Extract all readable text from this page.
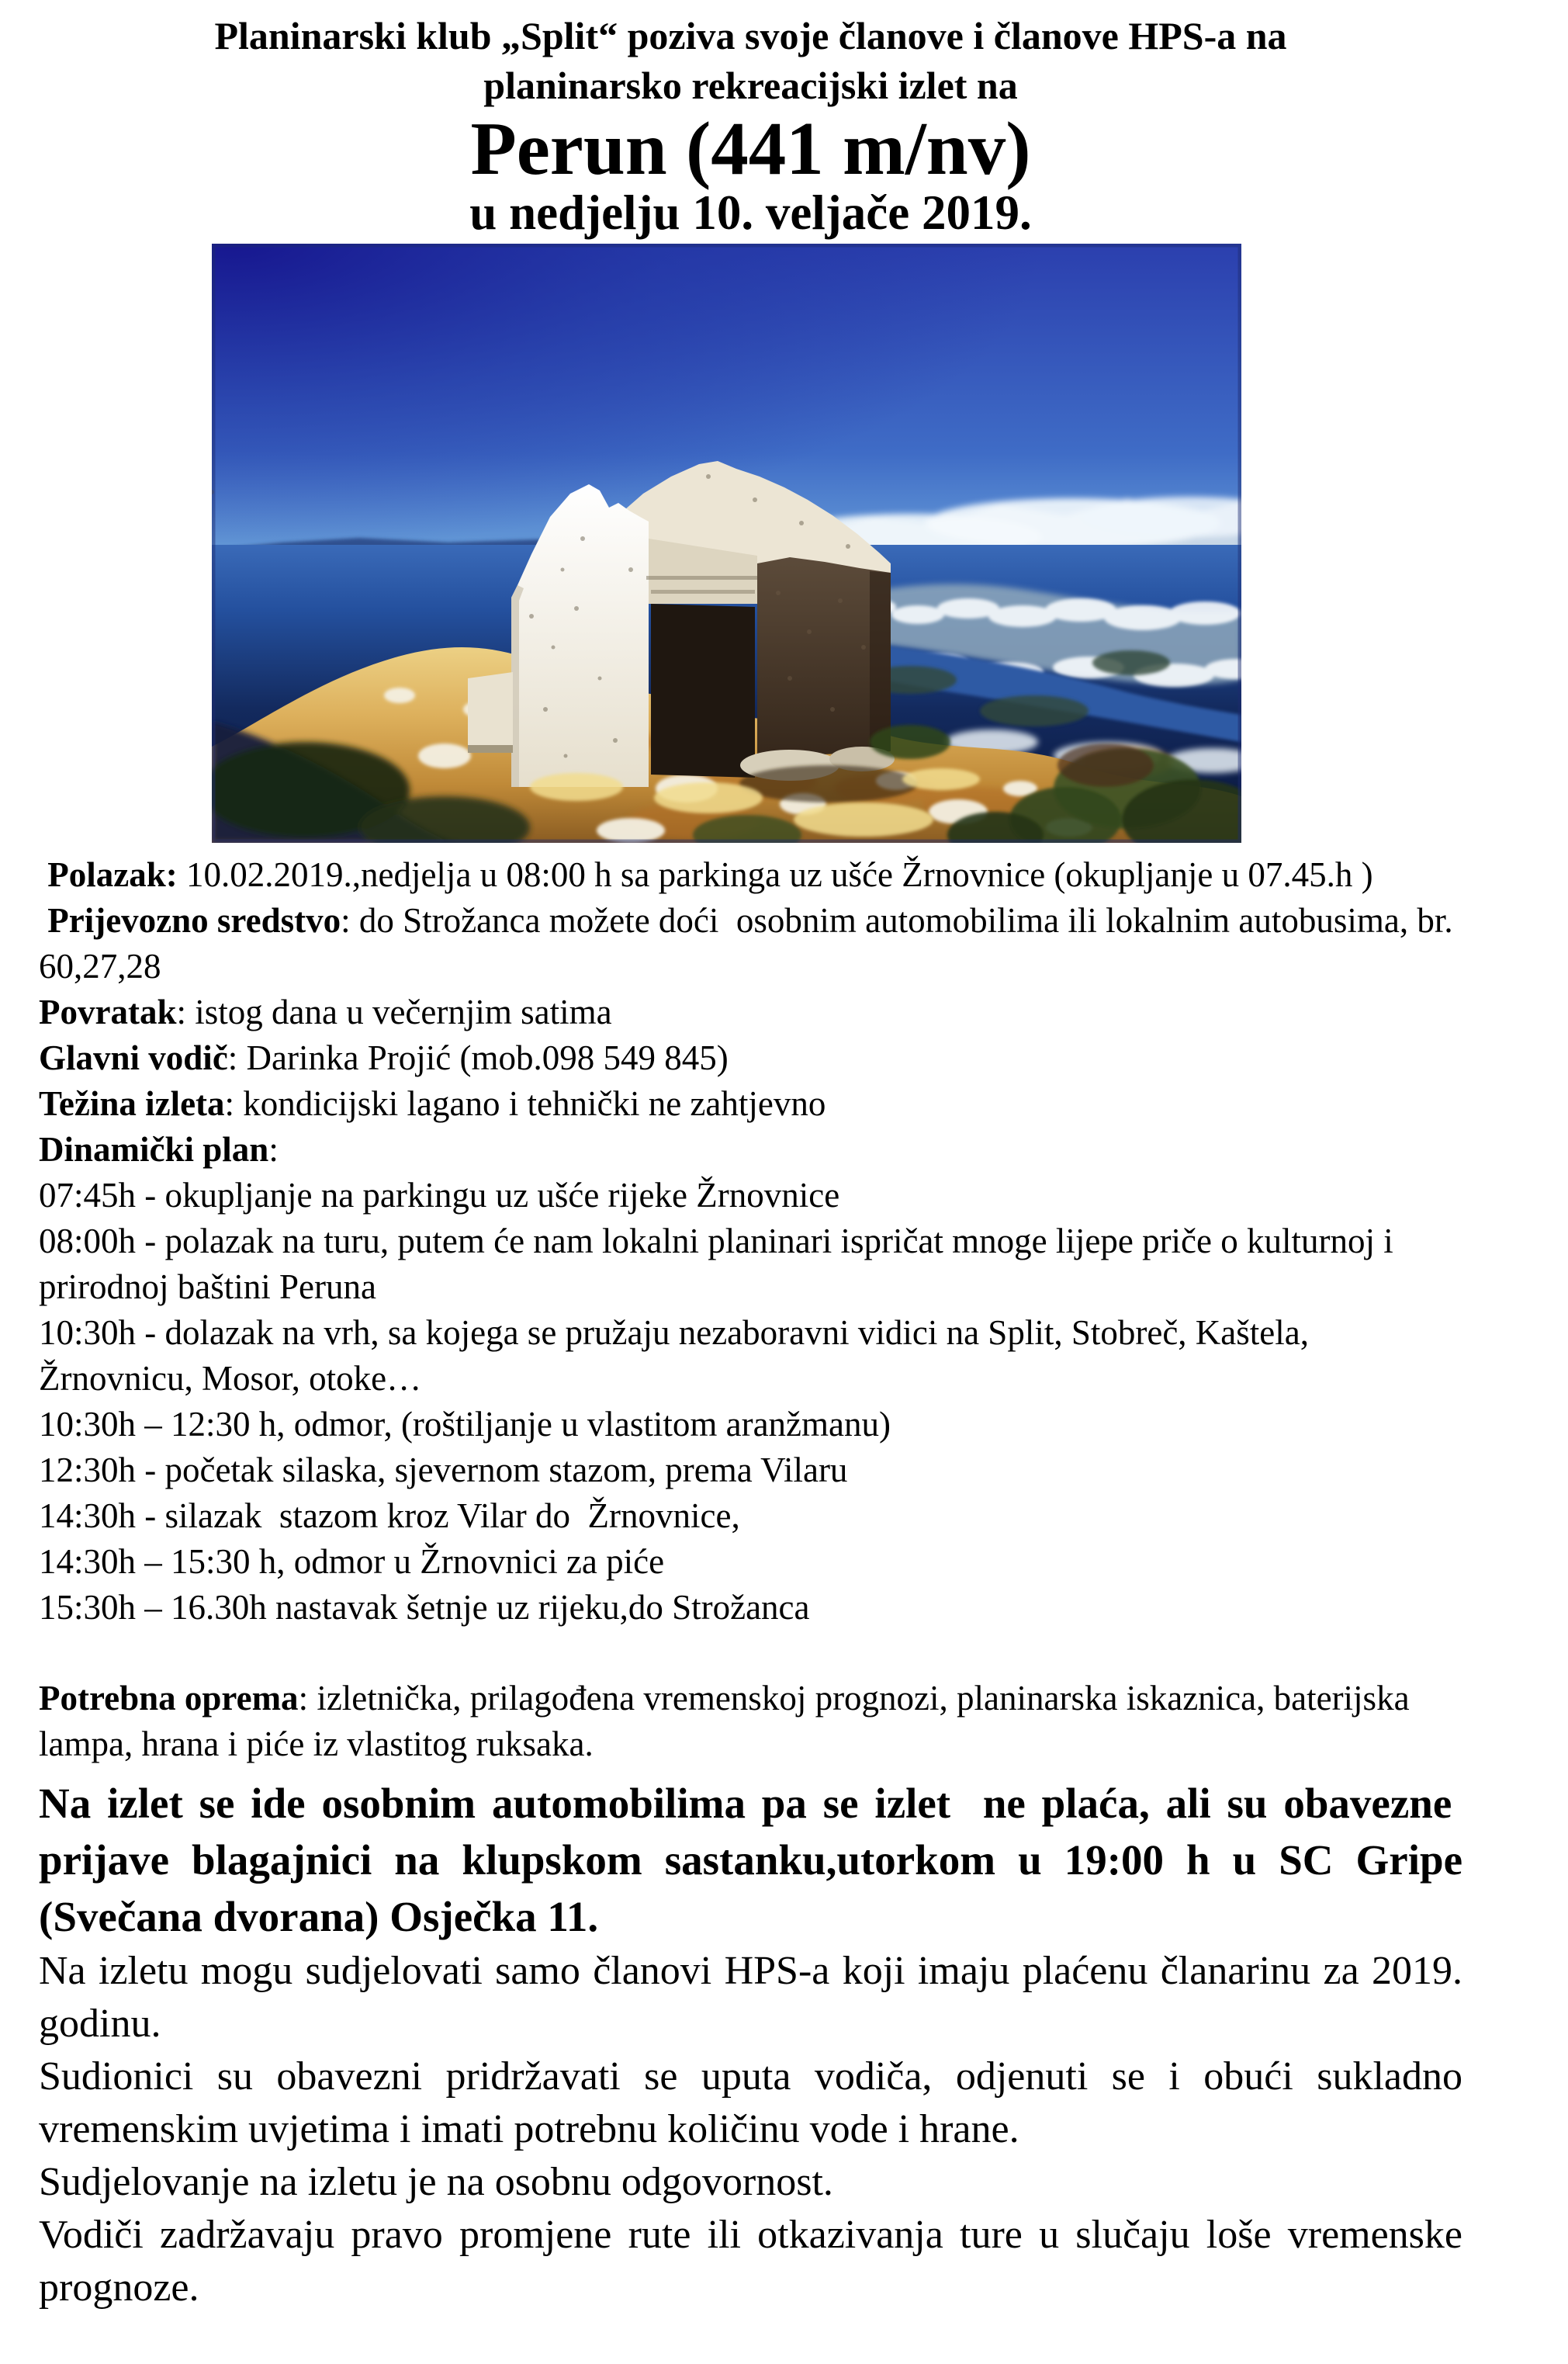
Planinarski klub „Split“ poziva svoje članove i članove HPS-a na
planinarsko rekreacijski izlet na
Perun (441 m/nv)
u nedjelju 10. veljače 2019.

Polazak: 10.02.2019.,nedjelja u 08:00 h sa parkinga uz ušće Žrnovnice (okupljanje u 07.45.h )

Prijevozno sredstvo: do Strožanca možete doći  osobnim automobilima ili lokalnim autobusima, br. 60,27,28

Povratak: istog dana u večernjim satima

Glavni vodič: Darinka Projić (mob.098 549 845)

Težina izleta: kondicijski lagano i tehnički ne zahtjevno

Dinamički plan:

07:45h - okupljanje na parkingu uz ušće rijeke Žrnovnice
08:00h - polazak na turu, putem će nam lokalni planinari ispričat mnoge lijepe priče o kulturnoj i prirodnoj baštini Peruna
10:30h - dolazak na vrh, sa kojega se pružaju nezaboravni vidici na Split, Stobreč, Kaštela, Žrnovnicu, Mosor, otoke…
10:30h – 12:30 h, odmor, (roštiljanje u vlastitom aranžmanu)
12:30h - početak silaska, sjevernom stazom, prema Vilaru
14:30h - silazak  stazom kroz Vilar do  Žrnovnice,
14:30h – 15:30 h, odmor u Žrnovnici za piće
15:30h – 16.30h nastavak šetnje uz rijeku,do Strožanca

Potrebna oprema: izletnička, prilagođena vremenskoj prognozi, planinarska iskaznica, baterijska lampa, hrana i piće iz vlastitog ruksaka.

Na izlet se ide osobnim automobilima pa se izlet  ne plaća, ali su obavezne  prijave blagajnici na klupskom sastanku,utorkom u 19:00 h u SC Gripe (Svečana dvorana) Osječka 11.

Na izletu mogu sudjelovati samo članovi HPS-a koji imaju plaćenu članarinu za 2019. godinu.

Sudionici su obavezni pridržavati se uputa vodiča, odjenuti se i obući sukladno vremenskim uvjetima i imati potrebnu količinu vode i hrane.

Sudjelovanje na izletu je na osobnu odgovornost.

Vodiči zadržavaju pravo promjene rute ili otkazivanja ture u slučaju loše vremenske prognoze.
